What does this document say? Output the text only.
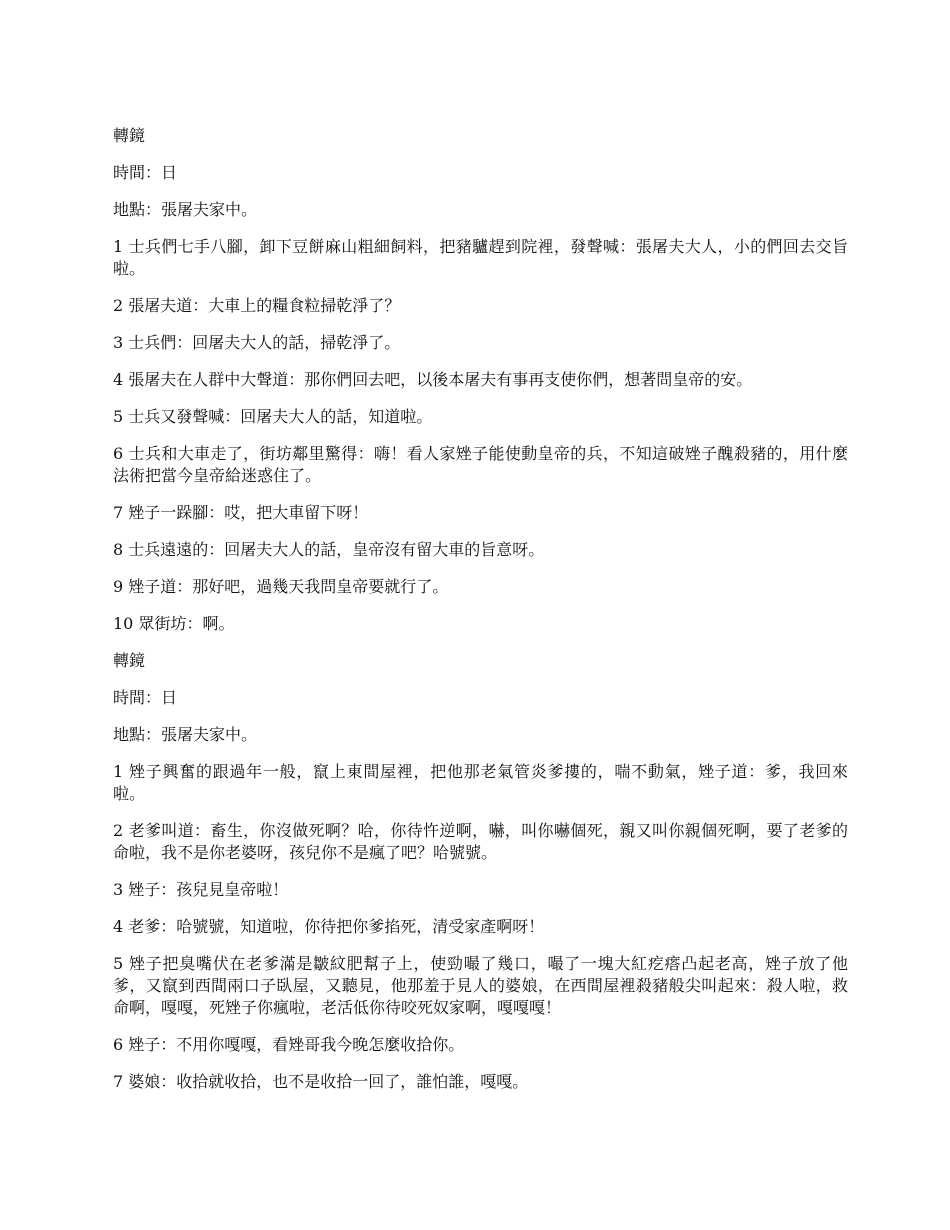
轉鏡

時間：日

地點：張屠夫家中。

1 士兵們七手八腳，卸下豆餅麻山粗細飼料，把豬驢趕到院裡，發聲喊：張屠夫大人，小的們回去交旨啦。

2 張屠夫道：大車上的糧食粒掃乾淨了？

3 士兵們：回屠夫大人的話，掃乾淨了。

4 張屠夫在人群中大聲道：那你們回去吧，以後本屠夫有事再支使你們，想著問皇帝的安。

5 士兵又發聲喊：回屠夫大人的話，知道啦。

6 士兵和大車走了，街坊鄰里驚得：嗨！看人家矬子能使動皇帝的兵，不知這破矬子醜殺豬的，用什麼法術把當今皇帝給迷惑住了。

7 矬子一跺腳：哎，把大車留下呀！

8 士兵遠遠的：回屠夫大人的話，皇帝沒有留大車的旨意呀。

9 矬子道：那好吧，過幾天我問皇帝要就行了。

10 眾街坊：啊。

轉鏡

時間：日

地點：張屠夫家中。

1 矬子興奮的跟過年一般，竄上東間屋裡，把他那老氣管炎爹摟的，喘不動氣，矬子道：爹，我回來啦。

2 老爹叫道：畜生，你沒做死啊？哈，你待忤逆啊，嚇，叫你嚇個死，親又叫你親個死啊，要了老爹的命啦，我不是你老婆呀，孩兒你不是瘋了吧？哈號號。

3 矬子：孩兒見皇帝啦！

4 老爹：哈號號，知道啦，你待把你爹掐死，清受家產啊呀！

5 矬子把臭嘴伏在老爹滿是皺紋肥幫子上，使勁嘬了幾口，嘬了一塊大紅疙瘩凸起老高，矬子放了他爹，又竄到西間兩口子臥屋，又聽見，他那羞于見人的婆娘，在西間屋裡殺豬般尖叫起來：殺人啦，救命啊，嘎嘎，死矬子你瘋啦，老活低你待咬死奴家啊，嘎嘎嘎！

6 矬子：不用你嘎嘎，看矬哥我今晚怎麼收拾你。

7 婆娘：收拾就收拾，也不是收拾一回了，誰怕誰，嘎嘎。
